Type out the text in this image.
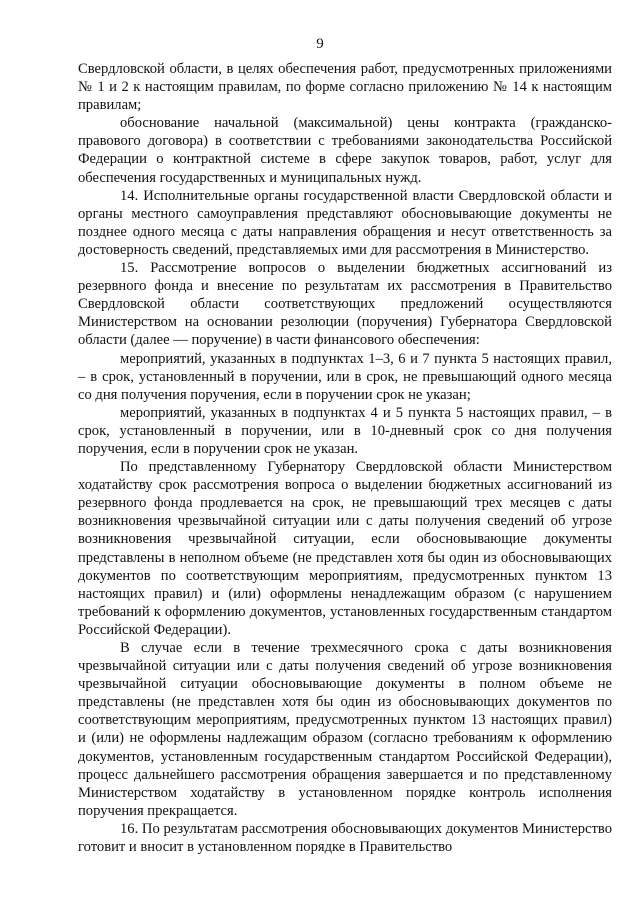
9

Свердловской области, в целях обеспечения работ, предусмотренных приложениями № 1 и 2 к настоящим правилам, по форме согласно приложению № 14 к настоящим правилам;

обоснование начальной (максимальной) цены контракта (гражданско-правового договора) в соответствии с требованиями законодательства Российской Федерации о контрактной системе в сфере закупок товаров, работ, услуг для обеспечения государственных и муниципальных нужд.

14. Исполнительные органы государственной власти Свердловской области и органы местного самоуправления представляют обосновывающие документы не позднее одного месяца с даты направления обращения и несут ответственность за достоверность сведений, представляемых ими для рассмотрения в Министерство.

15. Рассмотрение вопросов о выделении бюджетных ассигнований из резервного фонда и внесение по результатам их рассмотрения в Правительство Свердловской области соответствующих предложений осуществляются Министерством на основании резолюции (поручения) Губернатора Свердловской области (далее — поручение) в части финансового обеспечения:

мероприятий, указанных в подпунктах 1–3, 6 и 7 пункта 5 настоящих правил, – в срок, установленный в поручении, или в срок, не превышающий одного месяца со дня получения поручения, если в поручении срок не указан;

мероприятий, указанных в подпунктах 4 и 5 пункта 5 настоящих правил, – в срок, установленный в поручении, или в 10-дневный срок со дня получения поручения, если в поручении срок не указан.

По представленному Губернатору Свердловской области Министерством ходатайству срок рассмотрения вопроса о выделении бюджетных ассигнований из резервного фонда продлевается на срок, не превышающий трех месяцев с даты возникновения чрезвычайной ситуации или с даты получения сведений об угрозе возникновения чрезвычайной ситуации, если обосновывающие документы представлены в неполном объеме (не представлен хотя бы один из обосновывающих документов по соответствующим мероприятиям, предусмотренных пунктом 13 настоящих правил) и (или) оформлены ненадлежащим образом (с нарушением требований к оформлению документов, установленных государственным стандартом Российской Федерации).

В случае если в течение трехмесячного срока с даты возникновения чрезвычайной ситуации или с даты получения сведений об угрозе возникновения чрезвычайной ситуации обосновывающие документы в полном объеме не представлены (не представлен хотя бы один из обосновывающих документов по соответствующим мероприятиям, предусмотренных пунктом 13 настоящих правил) и (или) не оформлены надлежащим образом (согласно требованиям к оформлению документов, установленным государственным стандартом Российской Федерации), процесс дальнейшего рассмотрения обращения завершается и по представленному Министерством ходатайству в установленном порядке контроль исполнения поручения прекращается.

16. По результатам рассмотрения обосновывающих документов Министерство готовит и вносит в установленном порядке в Правительство
